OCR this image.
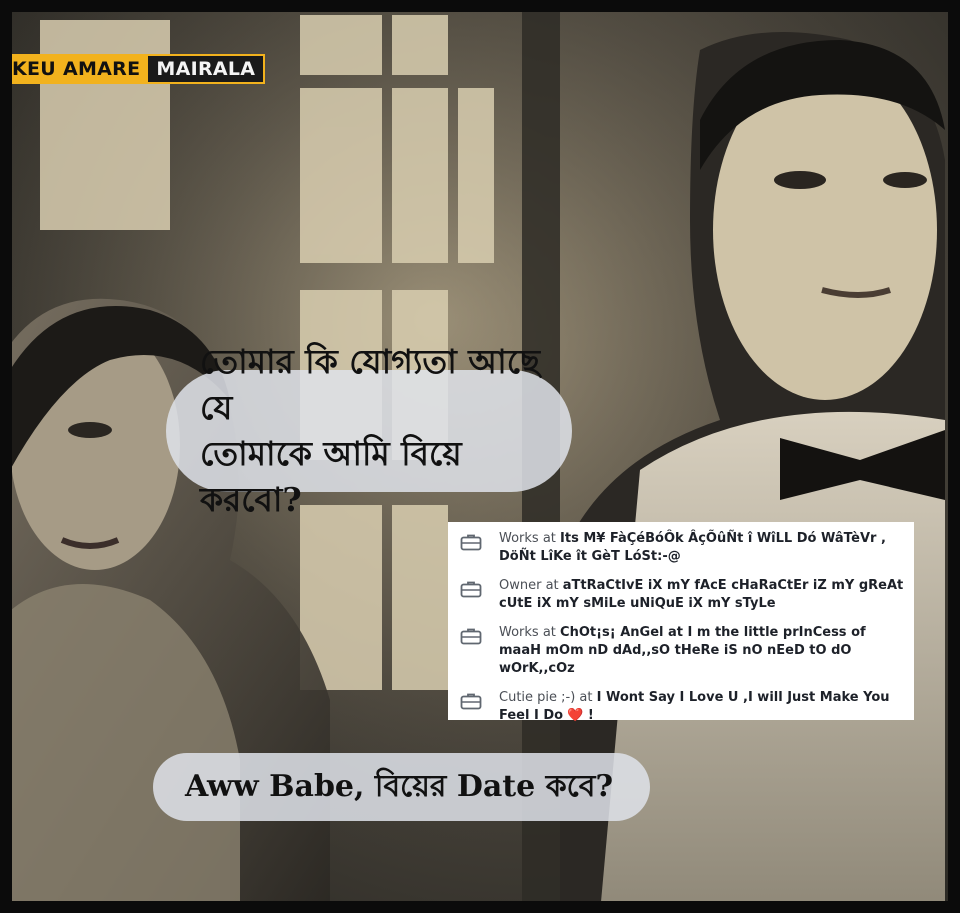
KEU AMARE MAIRALA
তোমার কি যোগ্যতা আছে যে
তোমাকে আমি বিয়ে করবো?
Works at Its M¥ FàÇéBóÔk ÂçÕûÑt î WîLL Dó WâTèVr , DöÑt LîKe ît GèT LóSt:-@
Owner at aTtRaCtIvE iX mY fAcE cHaRaCtEr iZ mY gReAt cUtE iX mY sMiLe uNiQuE iX mY sTyLe
Works at ChOt¡s¡ AnGel at I m the little prInCess of maaH mOm nD dAd,,sO tHeRe iS nO nEeD tO dO wOrK,,cOz
Cutie pie ;-) at I Wont Say I Love U ,I will Just Make You Feel I Do ❤️ !
Aww Babe, বিয়ের Date কবে?
